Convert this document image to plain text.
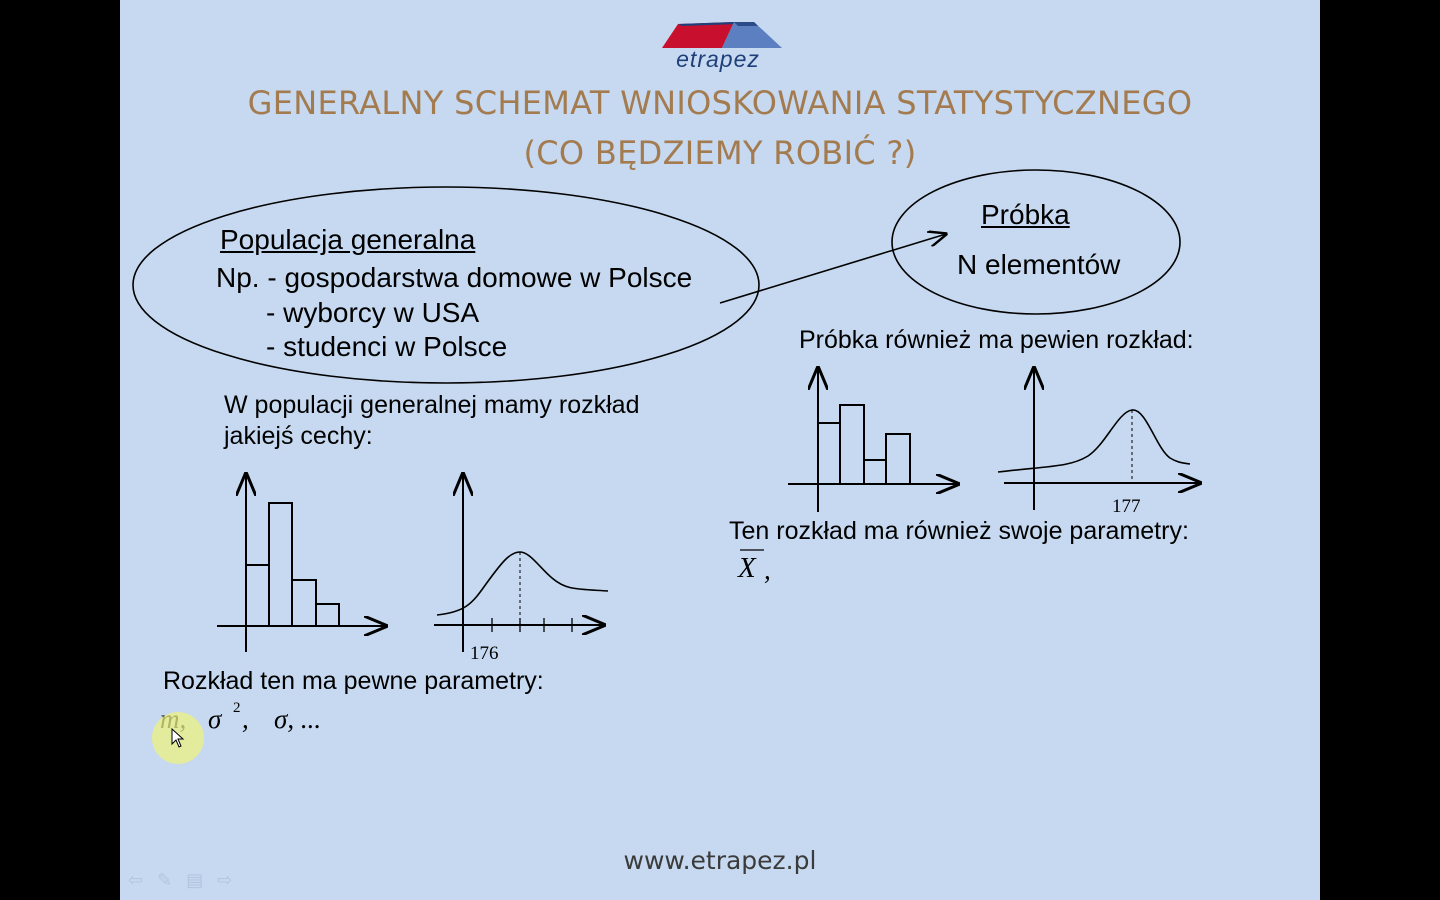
etrapez
GENERALNY SCHEMAT WNIOSKOWANIA STATYSTYCZNEGO
(CO BĘDZIEMY ROBIĆ ?)
Populacja generalna
Np. - gospodarstwa domowe w Polsce
- wyborcy w USA
- studenci w Polsce
Próbka
N elementów
W populacji generalnej mamy rozkład
jakiejś cechy:
176
Rozkład ten ma pewne parametry:
σ 2 , σ, ...
Próbka również ma pewien rozkład:
177
Ten rozkład ma również swoje parametry:
X ,
www.etrapez.pl
⇦ ✎ ▤ ⇨
